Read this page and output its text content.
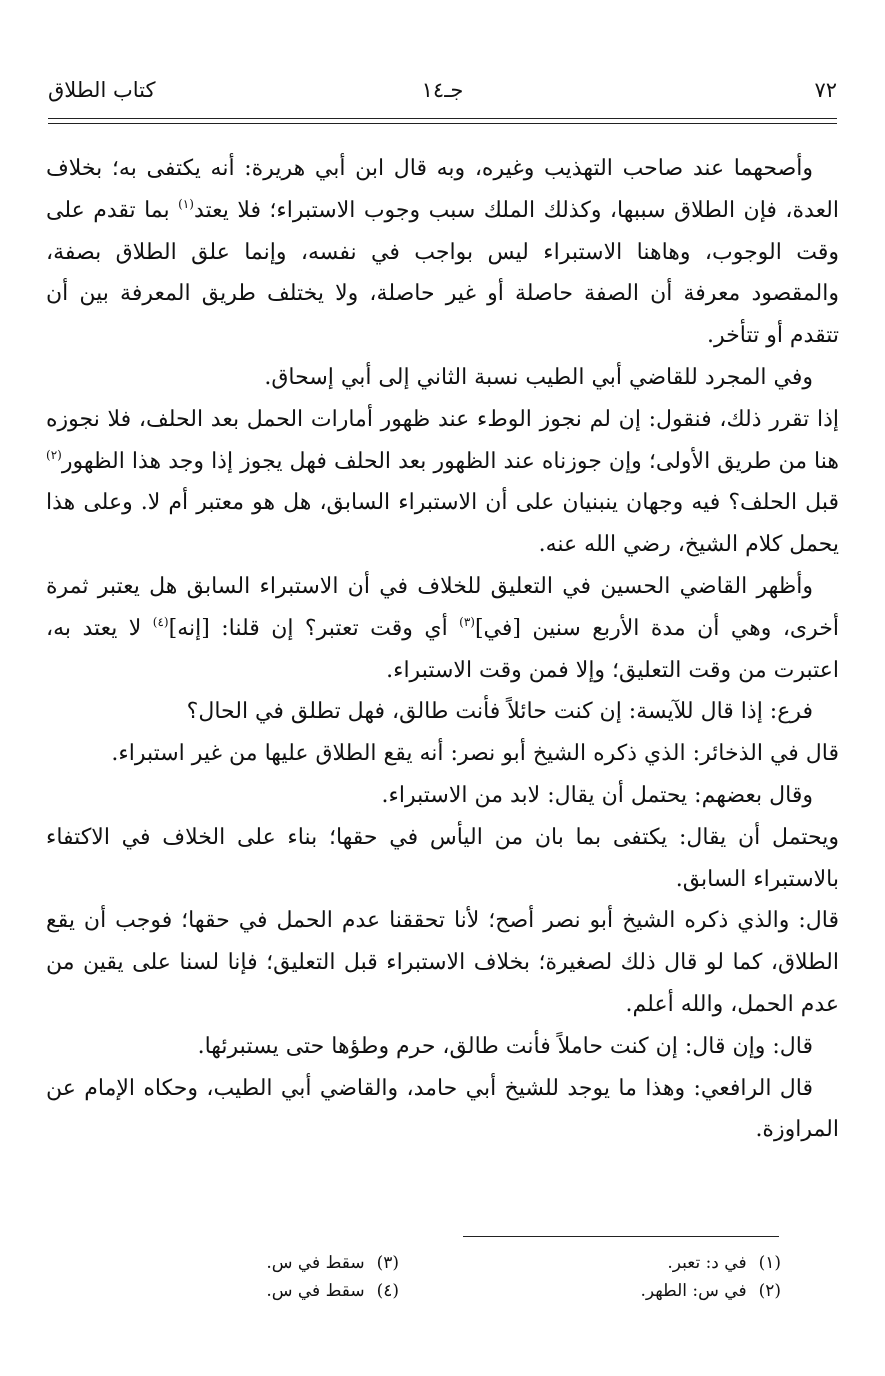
٧٢
جـ١٤
كتاب الطلاق

وأصحهما عند صاحب التهذيب وغيره، وبه قال ابن أبي هريرة: أنه يكتفى به؛ بخلاف العدة، فإن الطلاق سببها، وكذلك الملك سبب وجوب الاستبراء؛ فلا يعتد$^{(١)}$ بما تقدم على وقت الوجوب، وهاهنا الاستبراء ليس بواجب في نفسه، وإنما علق الطلاق بصفة، والمقصود معرفة أن الصفة حاصلة أو غير حاصلة، ولا يختلف طريق المعرفة بين أن تتقدم أو تتأخر.

وفي المجرد للقاضي أبي الطيب نسبة الثاني إلى أبي إسحاق.

إذا تقرر ذلك، فنقول: إن لم نجوز الوطء عند ظهور أمارات الحمل بعد الحلف، فلا نجوزه هنا من طريق الأولى؛ وإن جوزناه عند الظهور بعد الحلف فهل يجوز إذا وجد هذا الظهور$^{(٢)}$ قبل الحلف؟ فيه وجهان ينبنيان على أن الاستبراء السابق، هل هو معتبر أم لا. وعلى هذا يحمل كلام الشيخ، رضي الله عنه.

وأظهر القاضي الحسين في التعليق للخلاف في أن الاستبراء السابق هل يعتبر ثمرة أخرى، وهي أن مدة الأربع سنين [في]$^{(٣)}$ أي وقت تعتبر؟ إن قلنا: [إنه]$^{(٤)}$ لا يعتد به، اعتبرت من وقت التعليق؛ وإلا فمن وقت الاستبراء.

فرع: إذا قال للآيسة: إن كنت حائلاً فأنت طالق، فهل تطلق في الحال؟

قال في الذخائر: الذي ذكره الشيخ أبو نصر: أنه يقع الطلاق عليها من غير استبراء.

وقال بعضهم: يحتمل أن يقال: لابد من الاستبراء.

ويحتمل أن يقال: يكتفى بما بان من اليأس في حقها؛ بناء على الخلاف في الاكتفاء بالاستبراء السابق.

قال: والذي ذكره الشيخ أبو نصر أصح؛ لأنا تحققنا عدم الحمل في حقها؛ فوجب أن يقع الطلاق، كما لو قال ذلك لصغيرة؛ بخلاف الاستبراء قبل التعليق؛ فإنا لسنا على يقين من عدم الحمل، والله أعلم.

قال: وإن قال: إن كنت حاملاً فأنت طالق، حرم وطؤها حتى يستبرئها.

قال الرافعي: وهذا ما يوجد للشيخ أبي حامد، والقاضي أبي الطيب، وحكاه الإمام عن المراوزة.

(١)في د: تعبر.
(٢)في س: الطهر.
(٣)سقط في س.
(٤)سقط في س.
